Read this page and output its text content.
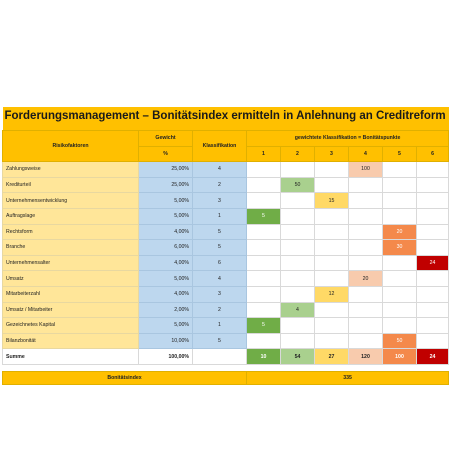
Forderungsmanagement – Bonitätsindex ermitteln in Anlehnung an Creditreform								

Risikofaktoren	Gewicht	Klassifikation	gewichtete Klassifikation = Bonitätspunkte					
	%		1	2	3	4	5	6
Zahlungsweise	25,00%	4				100		
Krediturteil	25,00%	2		50				
Unternehmensentwicklung	5,00%	3			15			
Auftragslage	5,00%	1	5					
Rechtsform	4,00%	5					20	
Branche	6,00%	5					30	
Unternehmensalter	4,00%	6						24
Umsatz	5,00%	4				20		
Mitarbeiterzahl	4,00%	3			12			
Umsatz / Mitarbeiter	2,00%	2		4				
Gezeichnetes Kapital	5,00%	1	5					
Bilanzbonität	10,00%	5					50	
Summe	100,00%		10	54	27	120	100	24

Bonitätsindex			335					
